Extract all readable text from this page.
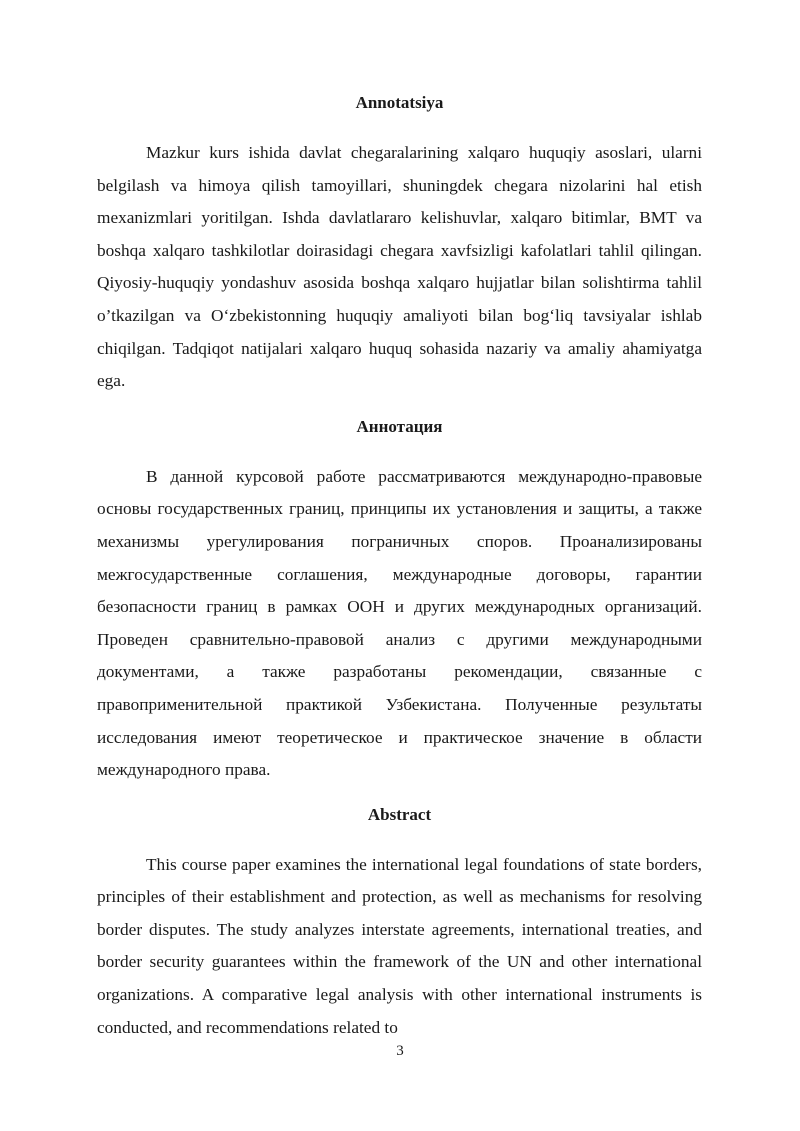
Annotatsiya

Mazkur kurs ishida davlat chegaralarining xalqaro huquqiy asoslari, ularni belgilash va himoya qilish tamoyillari, shuningdek chegara nizolarini hal etish mexanizmlari yoritilgan. Ishda davlatlararo kelishuvlar, xalqaro bitimlar, BMT va boshqa xalqaro tashkilotlar doirasidagi chegara xavfsizligi kafolatlari tahlil qilingan. Qiyosiy-huquqiy yondashuv asosida boshqa xalqaro hujjatlar bilan solishtirma tahlil o’tkazilgan va O‘zbekistonning huquqiy amaliyoti bilan bog‘liq tavsiyalar ishlab chiqilgan. Tadqiqot natijalari xalqaro huquq sohasida nazariy va amaliy ahamiyatga ega.

Аннотация

В данной курсовой работе рассматриваются международно-правовые основы государственных границ, принципы их установления и защиты, а также механизмы урегулирования пограничных споров. Проанализированы межгосударственные соглашения, международные договоры, гарантии безопасности границ в рамках ООН и других международных организаций. Проведен сравнительно-правовой анализ с другими международными документами, а также разработаны рекомендации, связанные с правоприменительной практикой Узбекистана. Полученные результаты исследования имеют теоретическое и практическое значение в области международного права.

Abstract

This course paper examines the international legal foundations of state borders, principles of their establishment and protection, as well as mechanisms for resolving border disputes. The study analyzes interstate agreements, international treaties, and border security guarantees within the framework of the UN and other international organizations. A comparative legal analysis with other international instruments is conducted, and recommendations related to

3
